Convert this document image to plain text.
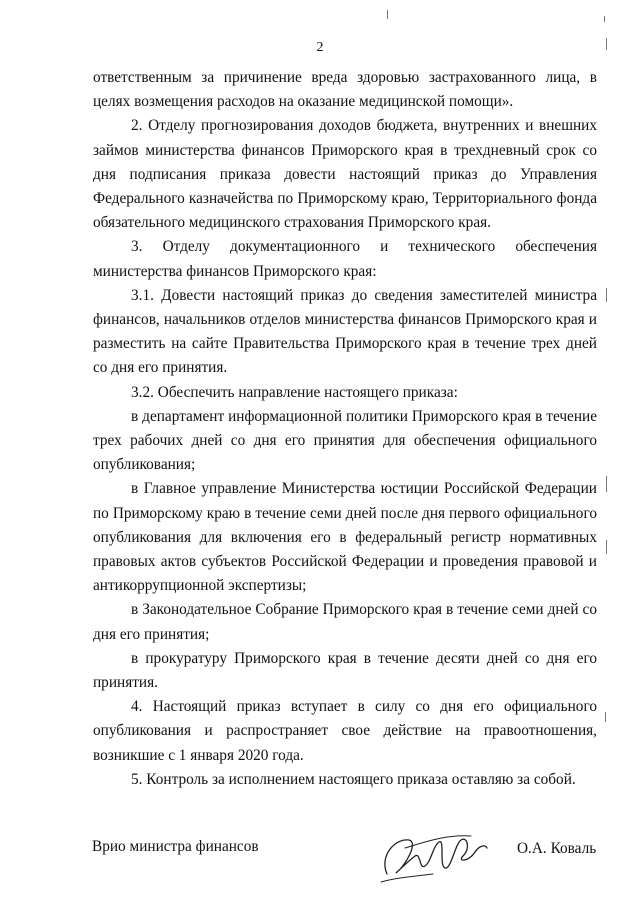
2

ответственным за причинение вреда здоровью застрахованного лица, в целях возмещения расходов на оказание медицинской помощи».

2. Отделу прогнозирования доходов бюджета, внутренних и внешних займов министерства финансов Приморского края в трехдневный срок со дня подписания приказа довести настоящий приказ до Управления Федерального казначейства по Приморскому краю, Территориального фонда обязательного медицинского страхования Приморского края.

3. Отделу документационного и технического обеспечения министерства финансов Приморского края:

3.1. Довести настоящий приказ до сведения заместителей министра финансов, начальников отделов министерства финансов Приморского края и разместить на сайте Правительства Приморского края в течение трех дней со дня его принятия.

3.2. Обеспечить направление настоящего приказа:

в департамент информационной политики Приморского края в течение трех рабочих дней со дня его принятия для обеспечения официального опубликования;

в Главное управление Министерства юстиции Российской Федерации по Приморскому краю в течение семи дней после дня первого официального опубликования для включения его в федеральный регистр нормативных правовых актов субъектов Российской Федерации и проведения правовой и антикоррупционной экспертизы;

в Законодательное Собрание Приморского края в течение семи дней со дня его принятия;

в прокуратуру Приморского края в течение десяти дней со дня его принятия.

4. Настоящий приказ вступает в силу со дня его официального опубликования и распространяет свое действие на правоотношения, возникшие с 1 января 2020 года.

5. Контроль за исполнением настоящего приказа оставляю за собой.

Врио министра финансов	О.А. Коваль
